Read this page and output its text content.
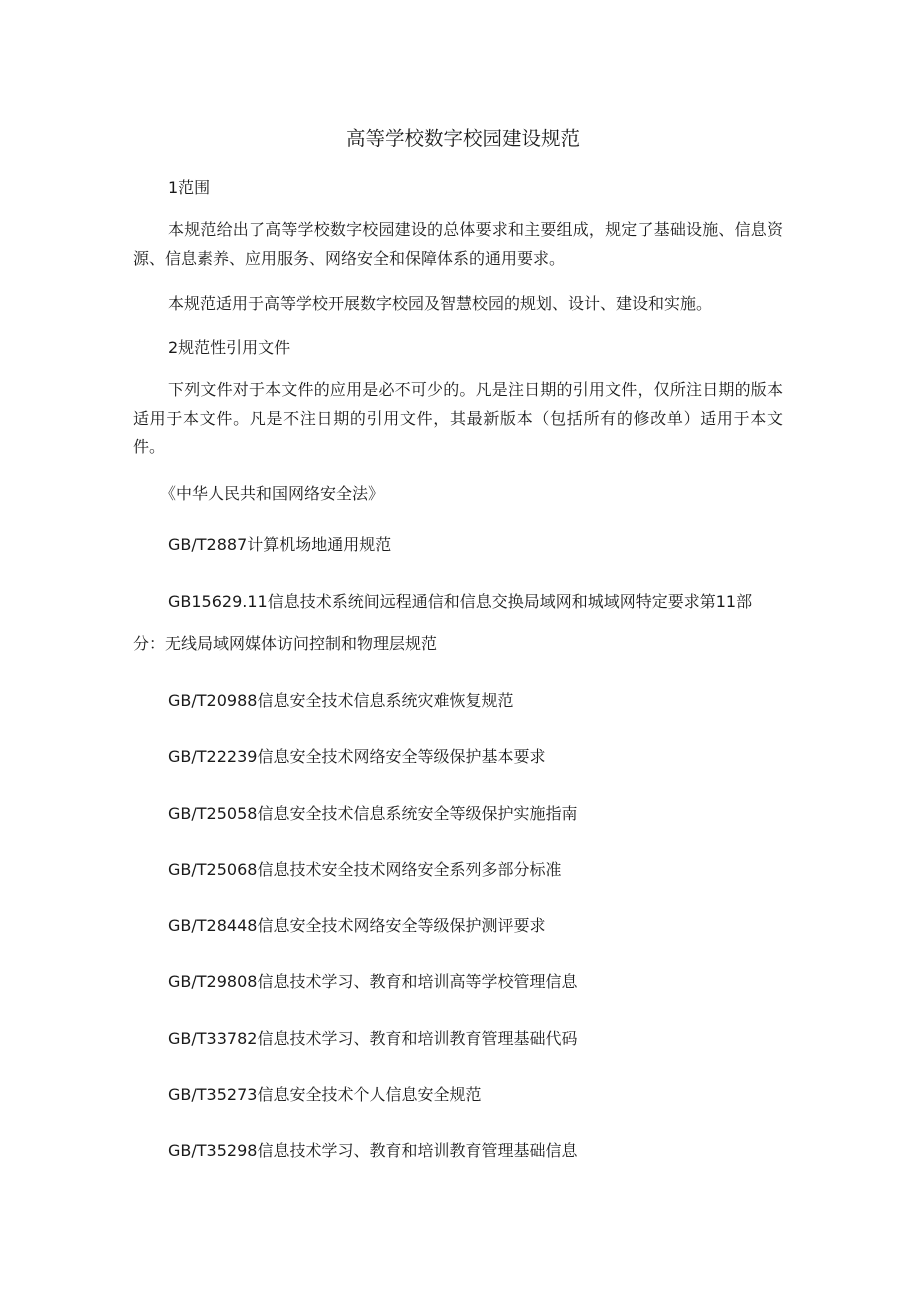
高等学校数字校园建设规范
1范围
本规范给出了高等学校数字校园建设的总体要求和主要组成，规定了基础设施、信息资源、信息素养、应用服务、网络安全和保障体系的通用要求。
本规范适用于高等学校开展数字校园及智慧校园的规划、设计、建设和实施。
2规范性引用文件
下列文件对于本文件的应用是必不可少的。凡是注日期的引用文件，仅所注日期的版本适用于本文件。凡是不注日期的引用文件，其最新版本（包括所有的修改单）适用于本文件。
《中华人民共和国网络安全法》
GB/T2887计算机场地通用规范
GB15629.11信息技术系统间远程通信和信息交换局域网和城域网特定要求第11部
分：无线局域网媒体访问控制和物理层规范
GB/T20988信息安全技术信息系统灾难恢复规范
GB/T22239信息安全技术网络安全等级保护基本要求
GB/T25058信息安全技术信息系统安全等级保护实施指南
GB/T25068信息技术安全技术网络安全系列多部分标准
GB/T28448信息安全技术网络安全等级保护测评要求
GB/T29808信息技术学习、教育和培训高等学校管理信息
GB/T33782信息技术学习、教育和培训教育管理基础代码
GB/T35273信息安全技术个人信息安全规范
GB/T35298信息技术学习、教育和培训教育管理基础信息
